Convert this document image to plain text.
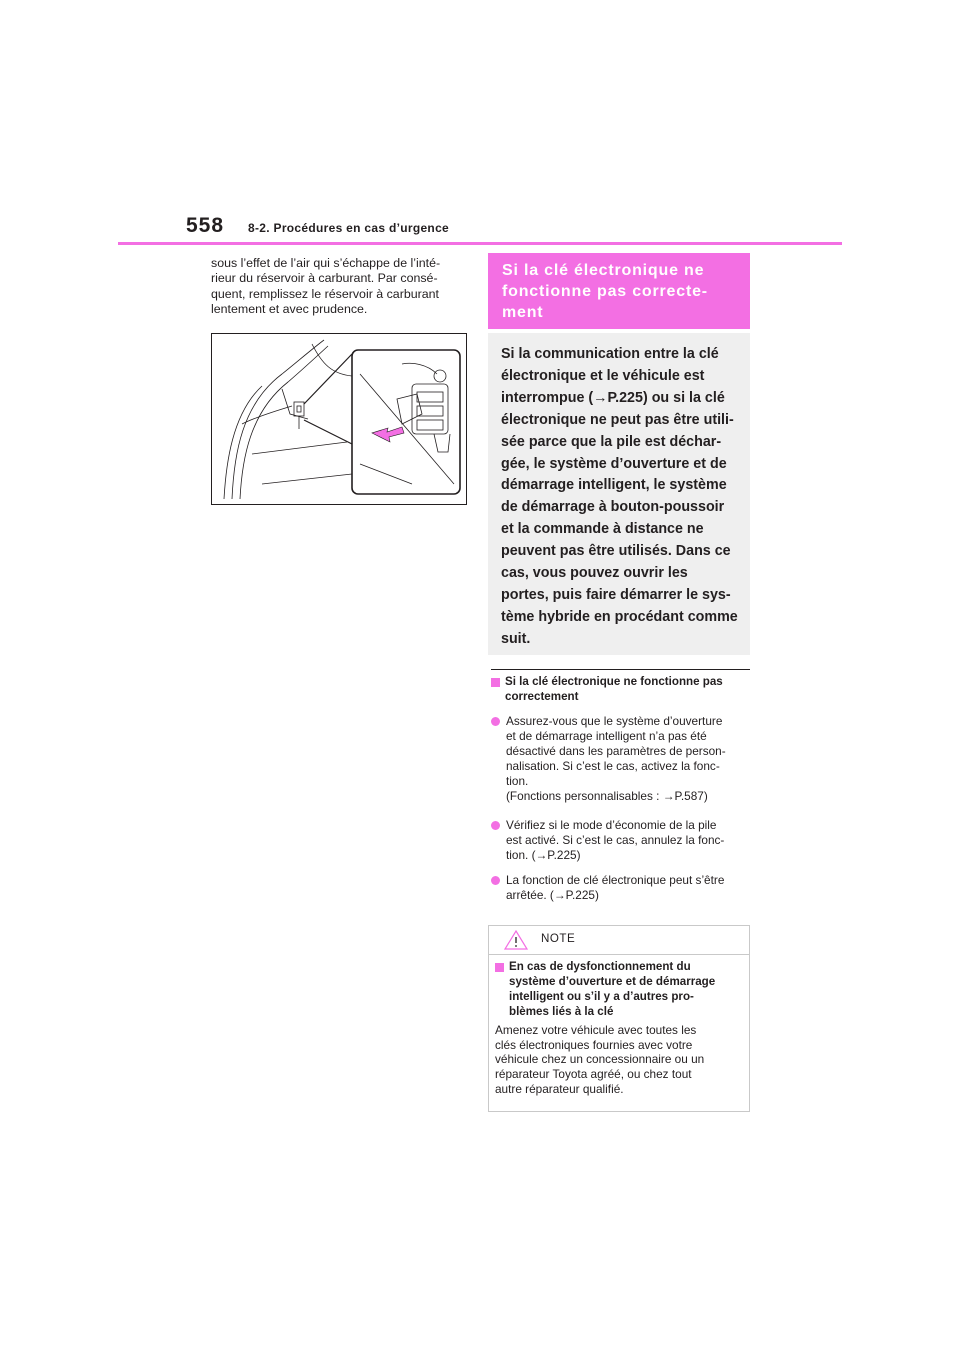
558 8-2. Procédures en cas d’urgence
sous l’effet de l’air qui s’échappe de l’inté-
rieur du réservoir à carburant. Par consé-
quent, remplissez le réservoir à carburant
lentement et avec prudence.
Si la clé électronique ne
fonctionne pas correcte-
ment
Si la communication entre la clé
électronique et le véhicule est
interrompue (→P.225) ou si la clé
électronique ne peut pas être utili-
sée parce que la pile est déchar-
gée, le système d’ouverture et de
démarrage intelligent, le système
de démarrage à bouton-poussoir
et la commande à distance ne
peuvent pas être utilisés. Dans ce
cas, vous pouvez ouvrir les
portes, puis faire démarrer le sys-
tème hybride en procédant comme
suit.
Si la clé électronique ne fonctionne pas
correctement
Assurez-vous que le système d’ouverture
et de démarrage intelligent n’a pas été
désactivé dans les paramètres de person-
nalisation. Si c’est le cas, activez la fonc-
tion.
(Fonctions personnalisables : →P.587)
Vérifiez si le mode d’économie de la pile
est activé. Si c’est le cas, annulez la fonc-
tion. (→P.225)
La fonction de clé électronique peut s’être
arrêtée. (→P.225)
NOTE
En cas de dysfonctionnement du
système d’ouverture et de démarrage
intelligent ou s’il y a d’autres pro-
blèmes liés à la clé
Amenez votre véhicule avec toutes les
clés électroniques fournies avec votre
véhicule chez un concessionnaire ou un
réparateur Toyota agréé, ou chez tout
autre réparateur qualifié.
